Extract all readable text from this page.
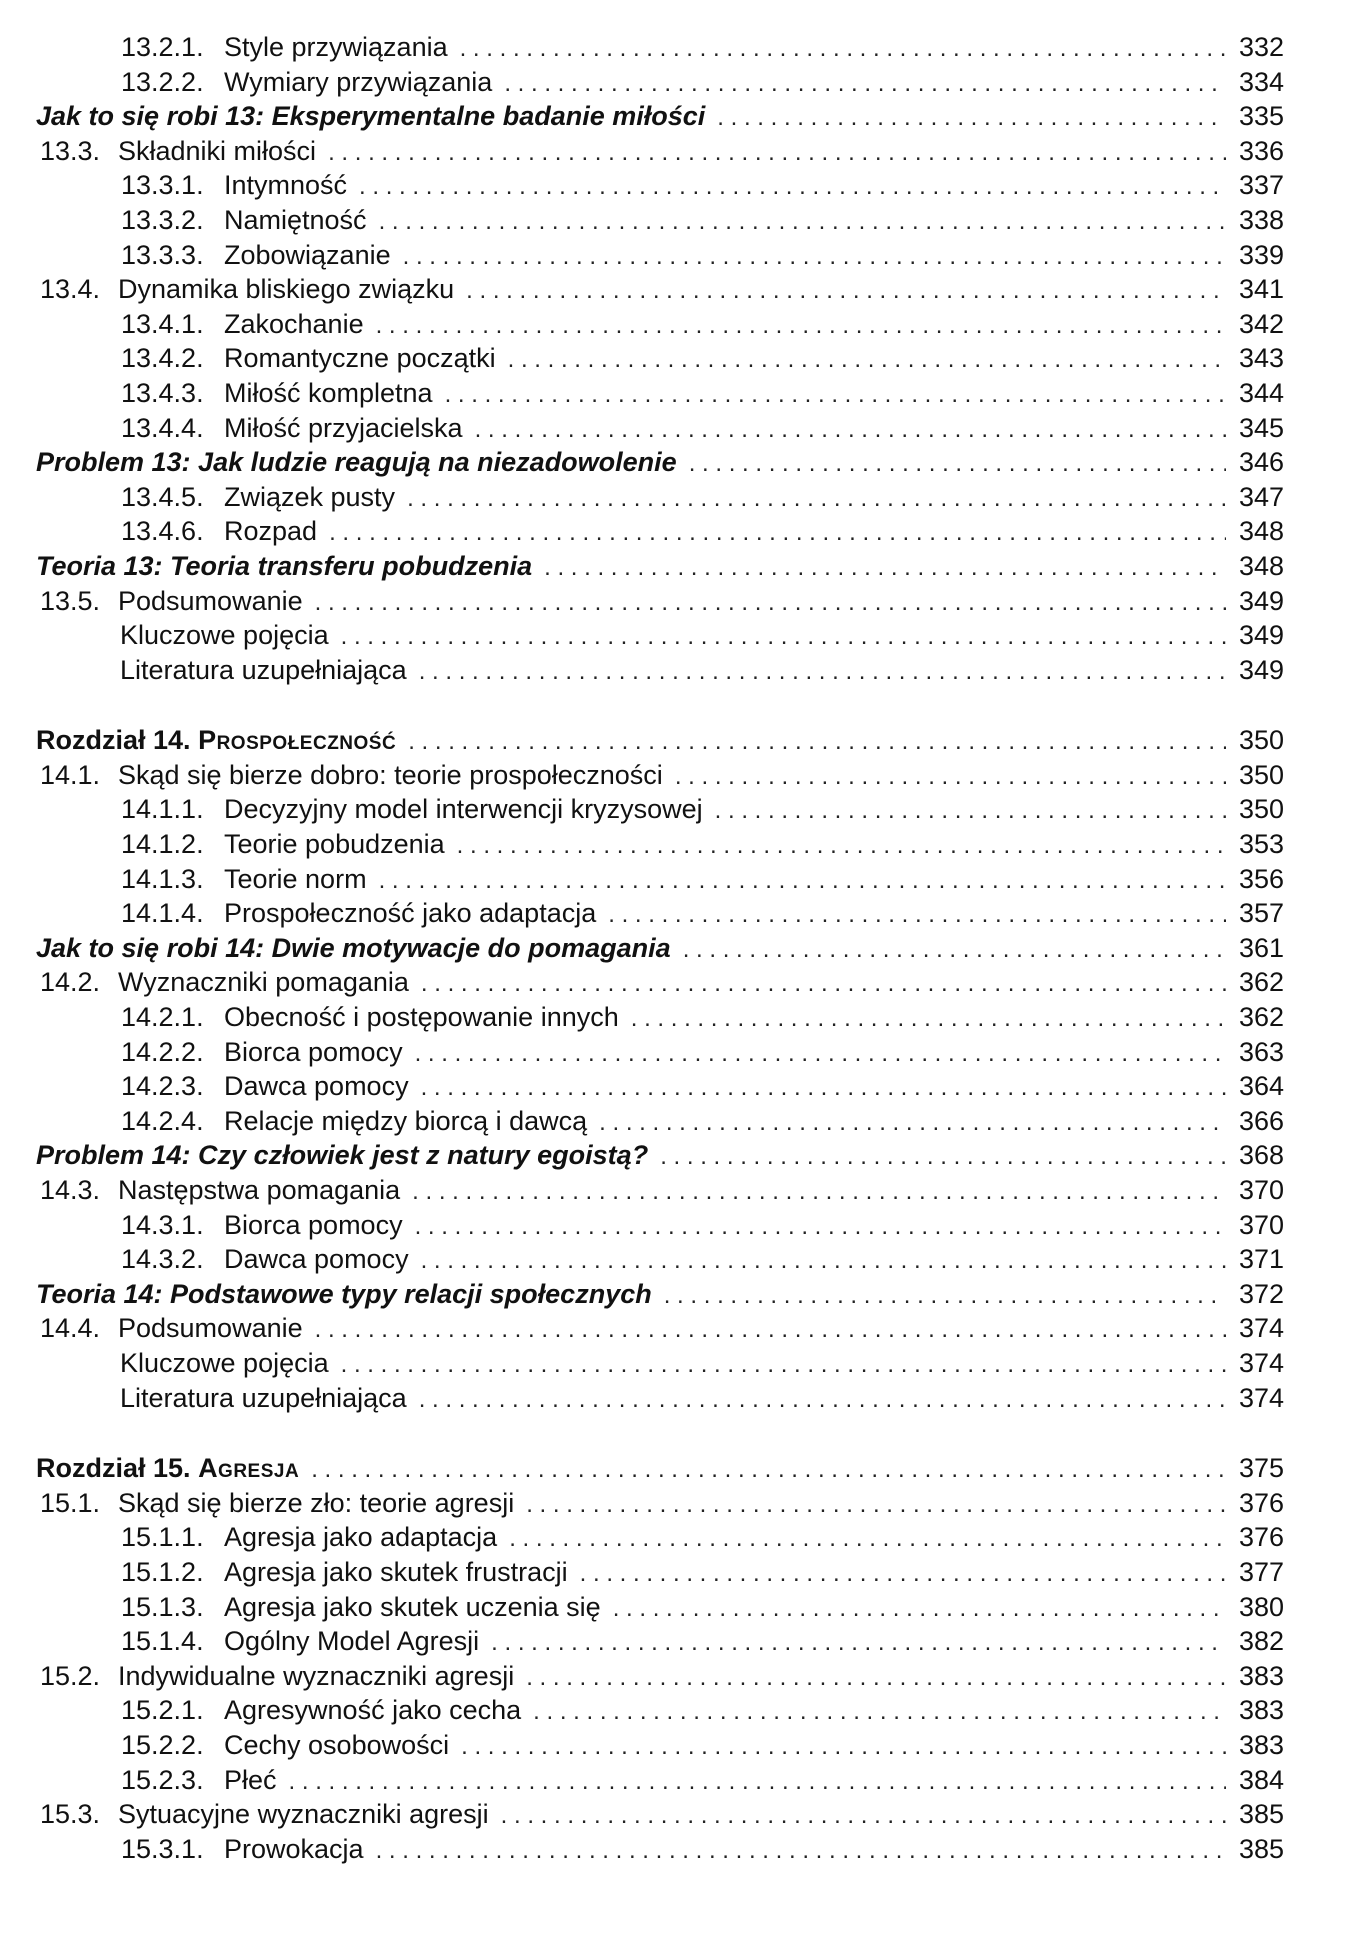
13.2.1. Style przywiązania . . .	332
13.2.2. Wymiary przywiązania . . .	334
Jak to się robi 13: Eksperymentalne badanie miłości . . .	335
13.3. Składniki miłości . . .	336
13.3.1. Intymność . . .	337
13.3.2. Namiętność . . .	338
13.3.3. Zobowiązanie . . .	339
13.4. Dynamika bliskiego związku . . .	341
13.4.1. Zakochanie . . .	342
13.4.2. Romantyczne początki . . .	343
13.4.3. Miłość kompletna . . .	344
13.4.4. Miłość przyjacielska . . .	345
Problem 13: Jak ludzie reagują na niezadowolenie . . .	346
13.4.5. Związek pusty . . .	347
13.4.6. Rozpad . . .	348
Teoria 13: Teoria transferu pobudzenia . . .	348
13.5. Podsumowanie . . .	349
Kluczowe pojęcia . . .	349
Literatura uzupełniająca . . .	349
Rozdział 14. Prospołeczność . . .	350
14.1. Skąd się bierze dobro: teorie prospołeczności . . .	350
14.1.1. Decyzyjny model interwencji kryzysowej . . .	350
14.1.2. Teorie pobudzenia . . .	353
14.1.3. Teorie norm . . .	356
14.1.4. Prospołeczność jako adaptacja . . .	357
Jak to się robi 14: Dwie motywacje do pomagania . . .	361
14.2. Wyznaczniki pomagania . . .	362
14.2.1. Obecność i postępowanie innych . . .	362
14.2.2. Biorca pomocy . . .	363
14.2.3. Dawca pomocy . . .	364
14.2.4. Relacje między biorcą i dawcą . . .	366
Problem 14: Czy człowiek jest z natury egoistą? . . .	368
14.3. Następstwa pomagania . . .	370
14.3.1. Biorca pomocy . . .	370
14.3.2. Dawca pomocy . . .	371
Teoria 14: Podstawowe typy relacji społecznych . . .	372
14.4. Podsumowanie . . .	374
Kluczowe pojęcia . . .	374
Literatura uzupełniająca . . .	374
Rozdział 15. Agresja . . .	375
15.1. Skąd się bierze zło: teorie agresji . . .	376
15.1.1. Agresja jako adaptacja . . .	376
15.1.2. Agresja jako skutek frustracji . . .	377
15.1.3. Agresja jako skutek uczenia się . . .	380
15.1.4. Ogólny Model Agresji . . .	382
15.2. Indywidualne wyznaczniki agresji . . .	383
15.2.1. Agresywność jako cecha . . .	383
15.2.2. Cechy osobowości . . .	383
15.2.3. Płeć . . .	384
15.3. Sytuacyjne wyznaczniki agresji . . .	385
15.3.1. Prowokacja . . .	385
